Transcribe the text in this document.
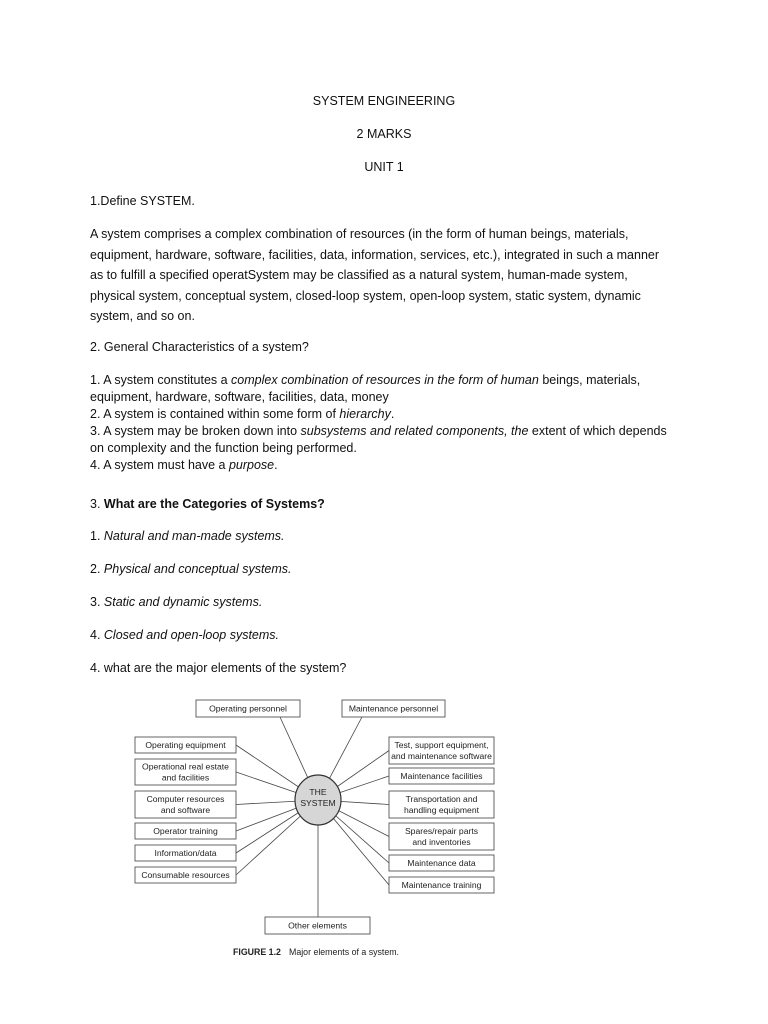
SYSTEM ENGINEERING
2 MARKS
UNIT 1
1.Define SYSTEM.
A system comprises a complex combination of resources (in the form of human beings, materials,
equipment, hardware, software, facilities, data, information, services, etc.), integrated in such a manner
as to fulfill a specified operatSystem may be classified as a natural system, human-made system,
physical system, conceptual system, closed-loop system, open-loop system, static system, dynamic
system, and so on.
2. General Characteristics of a system?
1. A system constitutes a complex combination of resources in the form of human beings, materials,
equipment, hardware, software, facilities, data, money
2. A system is contained within some form of hierarchy.
3. A system may be broken down into subsystems and related components, the extent of which depends
on complexity and the function being performed.
4. A system must have a purpose.
3. What are the Categories of Systems?
1. Natural and man-made systems.
2. Physical and conceptual systems.
3. Static and dynamic systems.
4. Closed and open-loop systems.
4. what are the major elements of the system?
Operating personnel	Maintenance personnel
Operating equipment
Operational real estate
and facilities
Computer resources
and software
Operator training
Information/data
Consumable resources
Test, support equipment,
and maintenance software
Maintenance facilities
Transportation and
handling equipment
Spares/repair parts
and inventories
Maintenance data
Maintenance training
Other elements
THE
SYSTEM
FIGURE 1.2 Major elements of a system.
